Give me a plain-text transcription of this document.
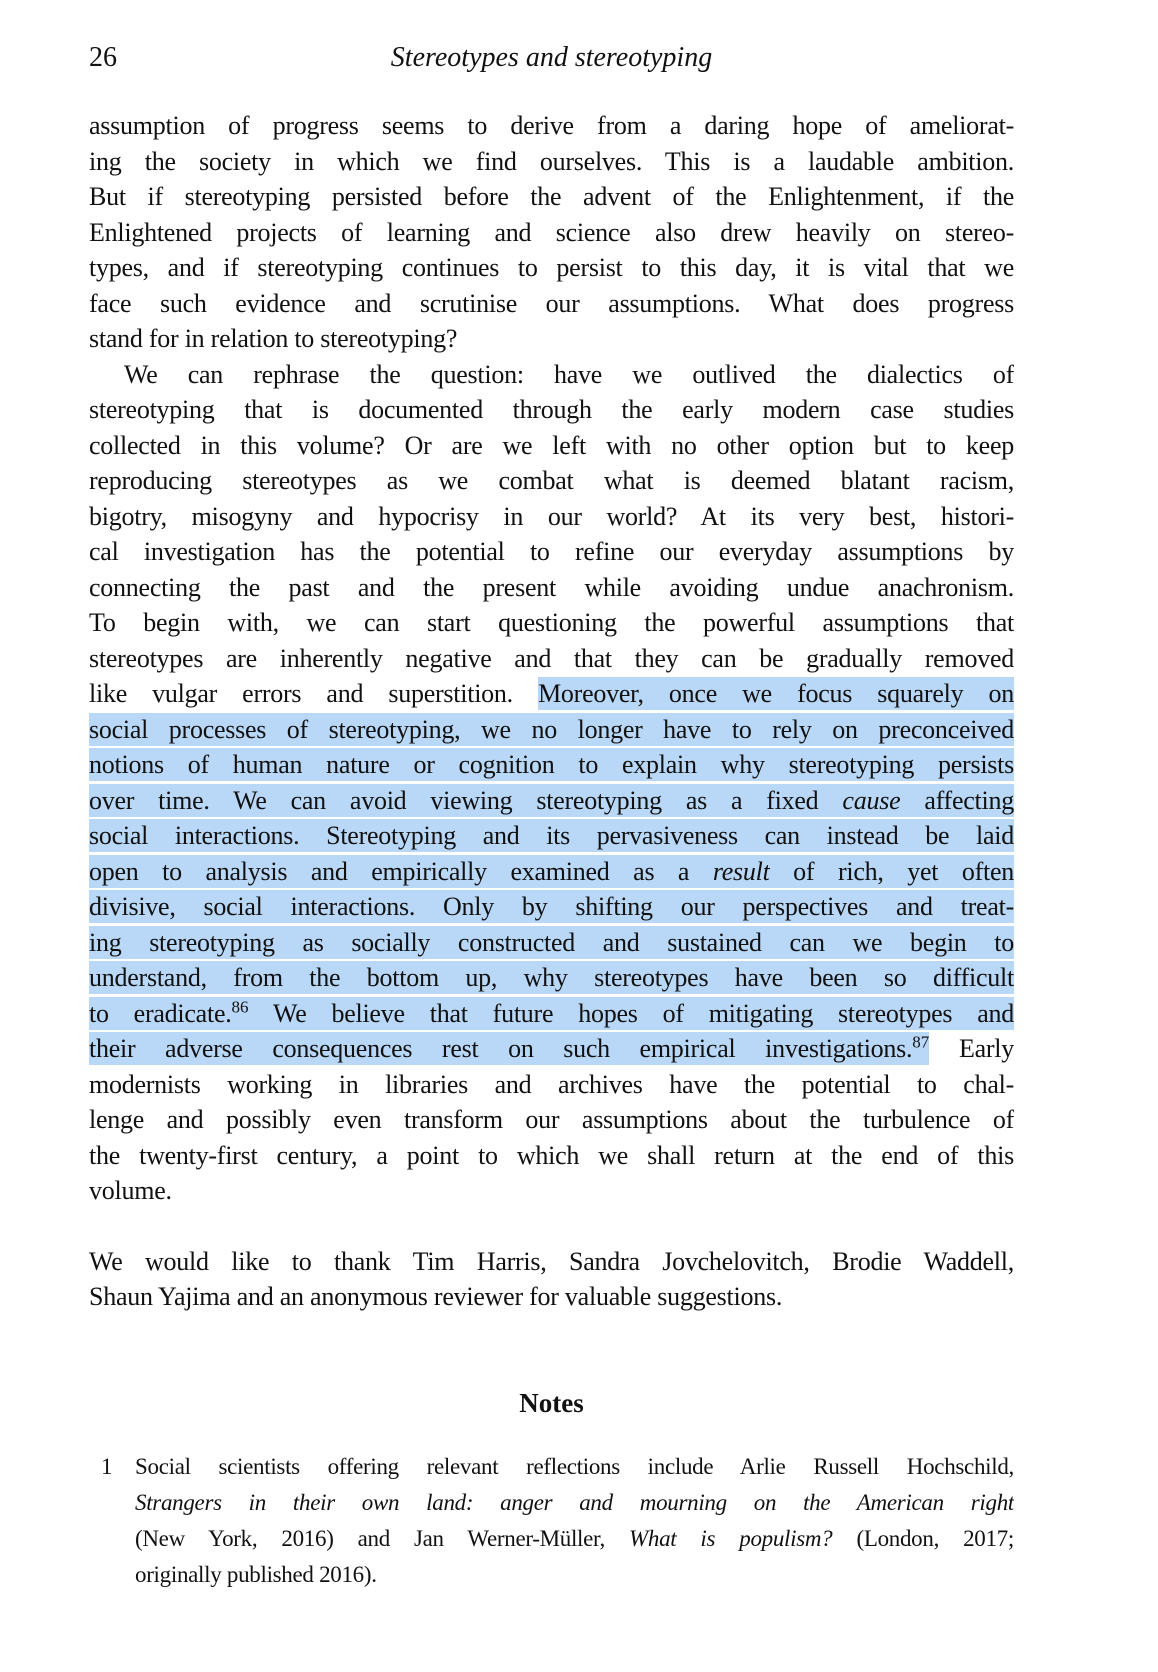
26	Stereotypes and stereotyping
assumption of progress seems to derive from a daring hope of ameliorat-
ing the society in which we find ourselves. This is a laudable ambition.
But if stereotyping persisted before the advent of the Enlightenment, if the
Enlightened projects of learning and science also drew heavily on stereo-
types, and if stereotyping continues to persist to this day, it is vital that we
face such evidence and scrutinise our assumptions. What does progress
stand for in relation to stereotyping?
We can rephrase the question: have we outlived the dialectics of
stereotyping that is documented through the early modern case studies
collected in this volume? Or are we left with no other option but to keep
reproducing stereotypes as we combat what is deemed blatant racism,
bigotry, misogyny and hypocrisy in our world? At its very best, histori-
cal investigation has the potential to refine our everyday assumptions by
connecting the past and the present while avoiding undue anachronism.
To begin with, we can start questioning the powerful assumptions that
stereotypes are inherently negative and that they can be gradually removed
like vulgar errors and superstition. Moreover, once we focus squarely on
social processes of stereotyping, we no longer have to rely on preconceived
notions of human nature or cognition to explain why stereotyping persists
over time. We can avoid viewing stereotyping as a fixed cause affecting
social interactions. Stereotyping and its pervasiveness can instead be laid
open to analysis and empirically examined as a result of rich, yet often
divisive, social interactions. Only by shifting our perspectives and treat-
ing stereotyping as socially constructed and sustained can we begin to
understand, from the bottom up, why stereotypes have been so difficult
to eradicate.$^{86}$ We believe that future hopes of mitigating stereotypes and
their adverse consequences rest on such empirical investigations.$^{87}$ Early
modernists working in libraries and archives have the potential to chal-
lenge and possibly even transform our assumptions about the turbulence of
the twenty-first century, a point to which we shall return at the end of this
volume.
We would like to thank Tim Harris, Sandra Jovchelovitch, Brodie Waddell,
Shaun Yajima and an anonymous reviewer for valuable suggestions.
Notes
1 Social scientists offering relevant reflections include Arlie Russell Hochschild,
Strangers in their own land: anger and mourning on the American right
(New York, 2016) and Jan Werner-Müller, What is populism? (London, 2017;
originally published 2016).
